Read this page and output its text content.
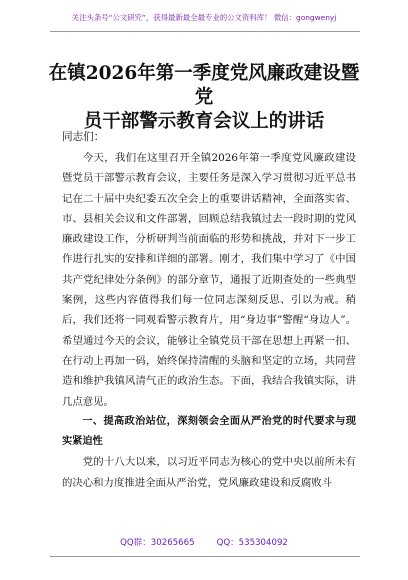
关注头条号“公文研究”，获得最新最全最专业的公文资料库！ 微信：gongwenyj
在镇2026年第一季度党风廉政建设暨党
员干部警示教育会议上的讲话
同志们：

今天，我们在这里召开全镇2026年第一季度党风廉政建设暨党员干部警示教育会议，主要任务是深入学习贯彻习近平总书记在二十届中央纪委五次全会上的重要讲话精神，全面落实省、市、县相关会议和文件部署，回顾总结我镇过去一段时期的党风廉政建设工作，分析研判当前面临的形势和挑战，并对下一步工作进行扎实的安排和详细的部署。刚才，我们集中学习了《中国共产党纪律处分条例》的部分章节，通报了近期查处的一些典型案例，这些内容值得我们每一位同志深刻反思、引以为戒。稍后，我们还将一同观看警示教育片，用“身边事”警醒“身边人”。希望通过今天的会议，能够让全镇党员干部在思想上再紧一扣、在行动上再加一码，始终保持清醒的头脑和坚定的立场，共同营造和维护我镇风清气正的政治生态。下面，我结合我镇实际，讲几点意见。

一、提高政治站位，深刻领会全面从严治党的时代要求与现实紧迫性

党的十八大以来，以习近平同志为核心的党中央以前所未有的决心和力度推进全面从严治党，党风廉政建设和反腐败斗

QQ群：30265665	QQ：535304092
